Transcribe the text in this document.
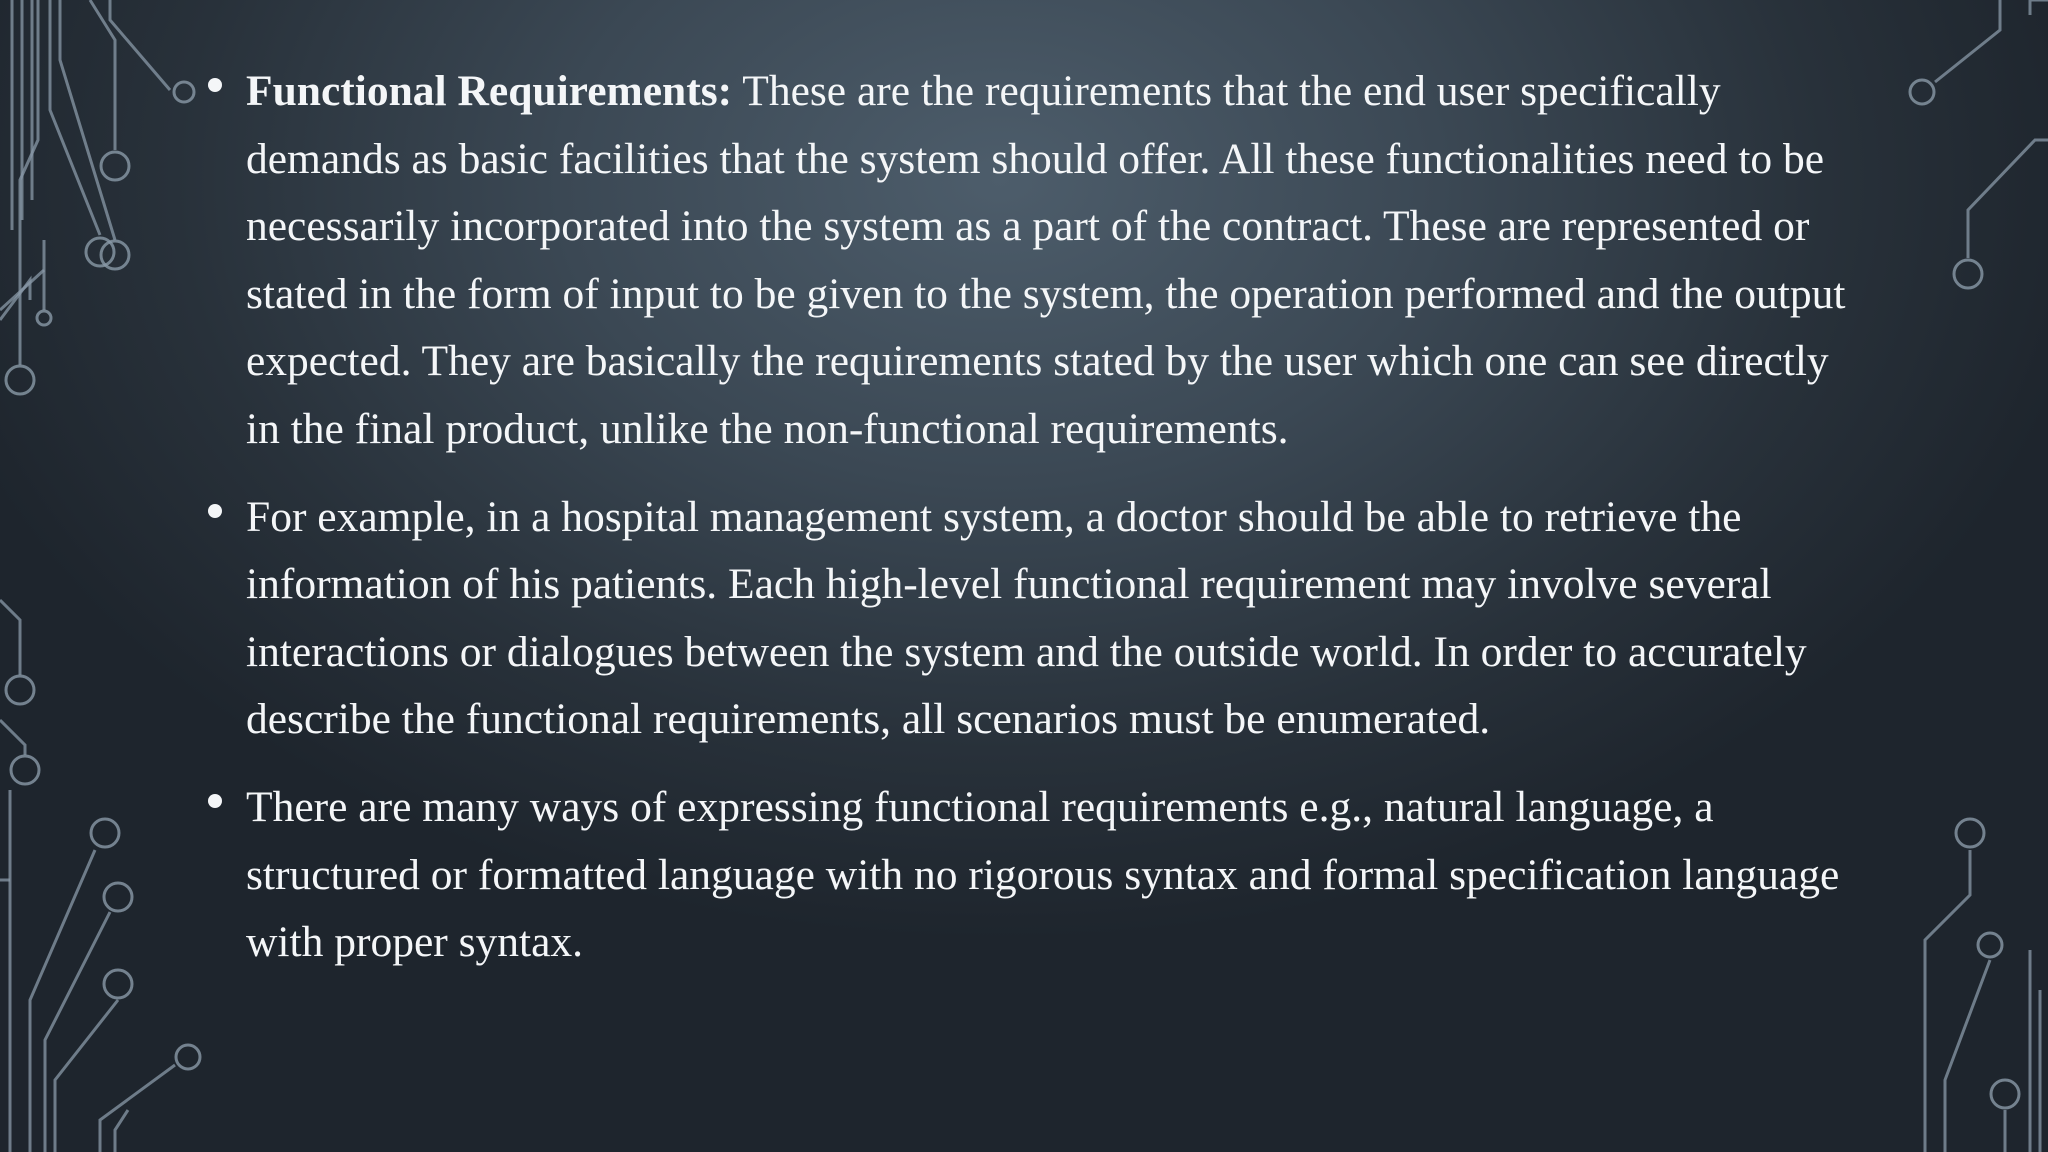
Functional Requirements: These are the requirements that the end user specifically demands as basic facilities that the system should offer. All these functionalities need to be necessarily incorporated into the system as a part of the contract. These are represented or stated in the form of input to be given to the system, the operation performed and the output expected. They are basically the requirements stated by the user which one can see directly in the final product, unlike the non-functional requirements.
For example, in a hospital management system, a doctor should be able to retrieve the information of his patients. Each high-level functional requirement may involve several interactions or dialogues between the system and the outside world. In order to accurately describe the functional requirements, all scenarios must be enumerated.
There are many ways of expressing functional requirements e.g., natural language, a structured or formatted language with no rigorous syntax and formal specification language with proper syntax.
